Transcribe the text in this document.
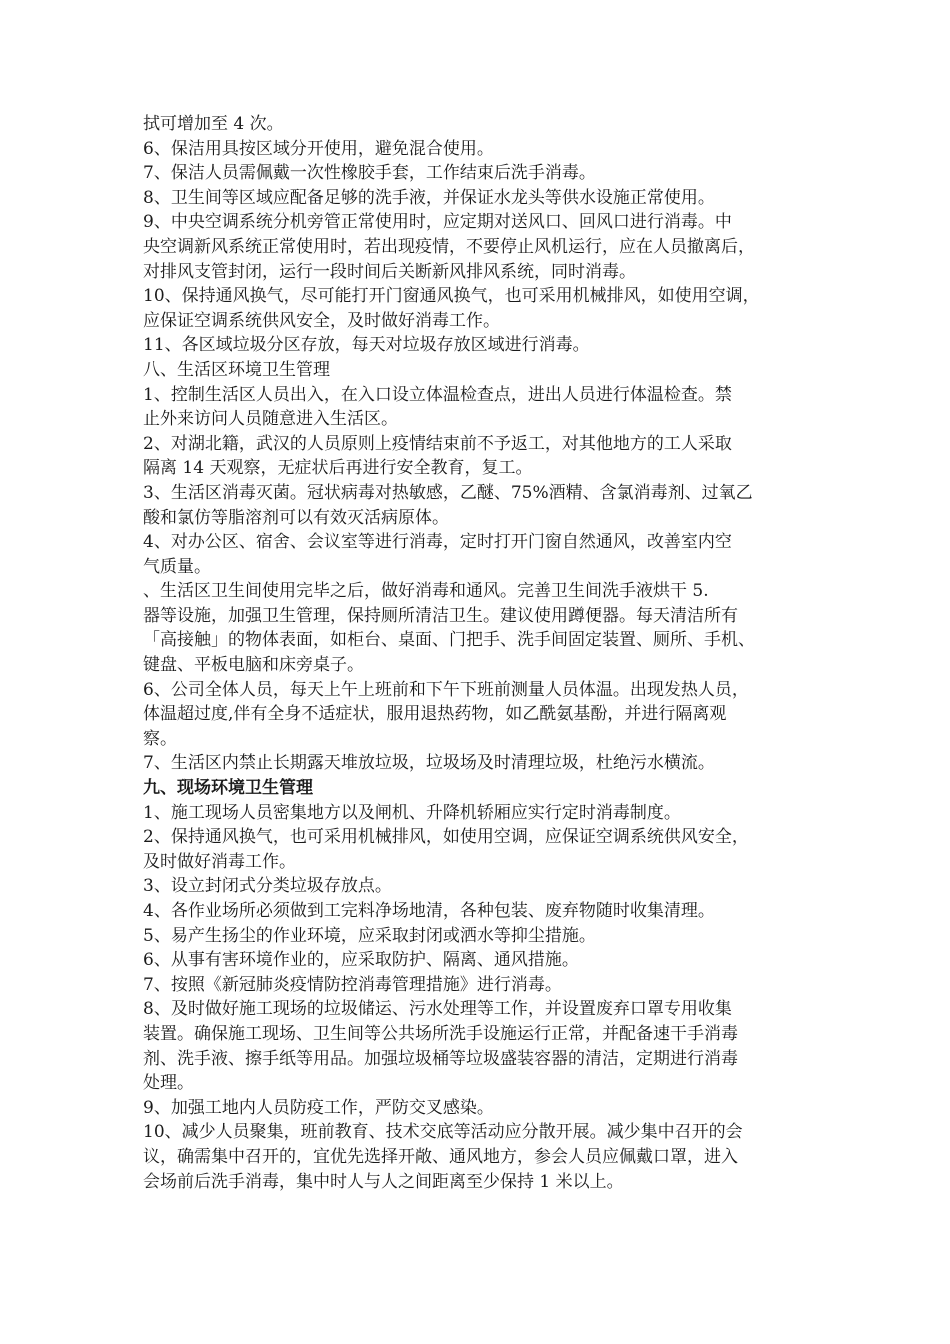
拭可增加至 4 次。
6、保洁用具按区域分开使用，避免混合使用。
7、保洁人员需佩戴一次性橡胶手套，工作结束后洗手消毒。
8、卫生间等区域应配备足够的洗手液，并保证水龙头等供水设施正常使用。
9、中央空调系统分机旁管正常使用时，应定期对送风口、回风口进行消毒。中
央空调新风系统正常使用时，若出现疫情，不要停止风机运行，应在人员撤离后，
对排风支管封闭，运行一段时间后关断新风排风系统，同时消毒。
10、保持通风换气，尽可能打开门窗通风换气，也可采用机械排风，如使用空调，
应保证空调系统供风安全，及时做好消毒工作。
11、各区域垃圾分区存放，每天对垃圾存放区域进行消毒。
八、生活区环境卫生管理
1、控制生活区人员出入，在入口设立体温检查点，进出人员进行体温检查。禁
止外来访问人员随意进入生活区。
2、对湖北籍，武汉的人员原则上疫情结束前不予返工，对其他地方的工人采取
隔离 14 天观察，无症状后再进行安全教育，复工。
3、生活区消毒灭菌。冠状病毒对热敏感，乙醚、75%酒精、含氯消毒剂、过氧乙
酸和氯仿等脂溶剂可以有效灭活病原体。
4、对办公区、宿舍、会议室等进行消毒，定时打开门窗自然通风，改善室内空
气质量。
、生活区卫生间使用完毕之后，做好消毒和通风。完善卫生间洗手液烘干 5.
器等设施，加强卫生管理，保持厕所清洁卫生。建议使用蹲便器。每天清洁所有
「高接触」的物体表面，如柜台、桌面、门把手、洗手间固定装置、厕所、手机、
键盘、平板电脑和床旁桌子。
6、公司全体人员，每天上午上班前和下午下班前测量人员体温。出现发热人员，
体温超过度,伴有全身不适症状，服用退热药物，如乙酰氨基酚，并进行隔离观
察。
7、生活区内禁止长期露天堆放垃圾，垃圾场及时清理垃圾，杜绝污水横流。
九、现场环境卫生管理
1、施工现场人员密集地方以及闸机、升降机轿厢应实行定时消毒制度。
2、保持通风换气，也可采用机械排风，如使用空调，应保证空调系统供风安全，
及时做好消毒工作。
3、设立封闭式分类垃圾存放点。
4、各作业场所必须做到工完料净场地清，各种包装、废弃物随时收集清理。
5、易产生扬尘的作业环境，应采取封闭或洒水等抑尘措施。
6、从事有害环境作业的，应采取防护、隔离、通风措施。
7、按照《新冠肺炎疫情防控消毒管理措施》进行消毒。
8、及时做好施工现场的垃圾储运、污水处理等工作，并设置废弃口罩专用收集
装置。确保施工现场、卫生间等公共场所洗手设施运行正常，并配备速干手消毒
剂、洗手液、擦手纸等用品。加强垃圾桶等垃圾盛装容器的清洁，定期进行消毒
处理。
9、加强工地内人员防疫工作，严防交叉感染。
10、减少人员聚集，班前教育、技术交底等活动应分散开展。减少集中召开的会
议，确需集中召开的，宜优先选择开敞、通风地方，参会人员应佩戴口罩，进入
会场前后洗手消毒，集中时人与人之间距离至少保持 1 米以上。
